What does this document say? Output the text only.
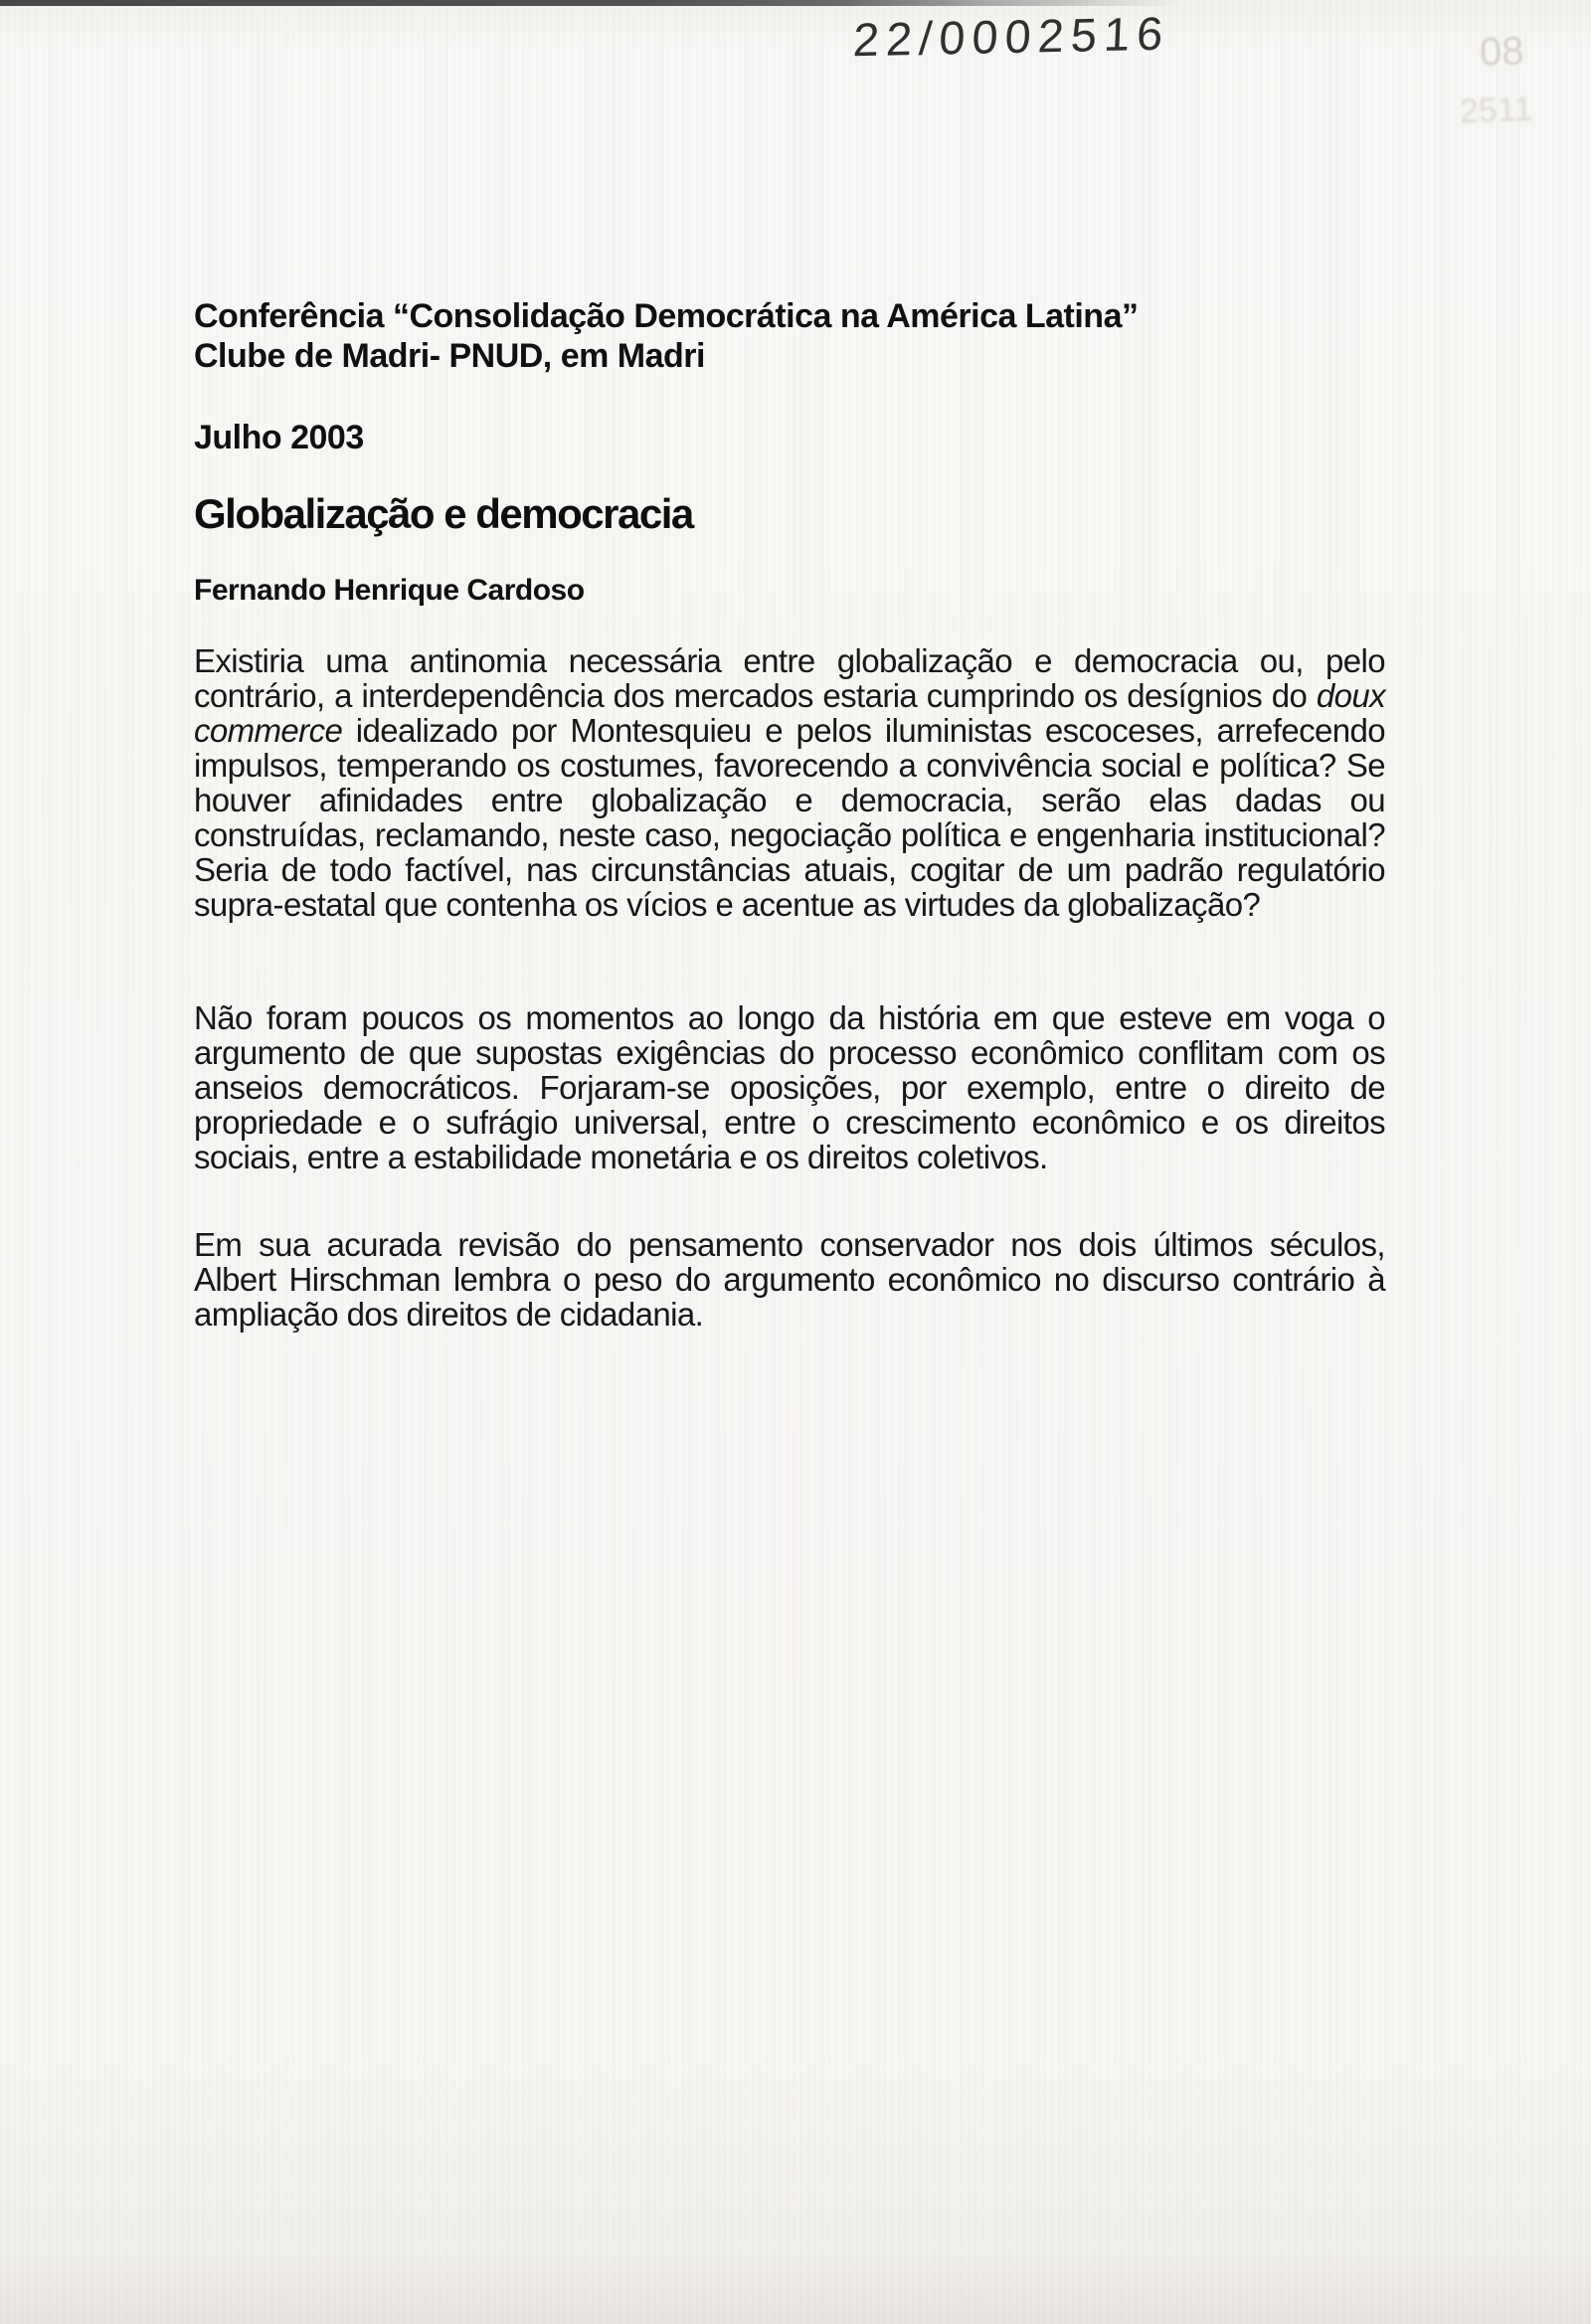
22/0002516	08
2511
Conferência “Consolidação Democrática na América Latina”
Clube de Madri- PNUD, em Madri
Julho 2003
Globalização e democracia
Fernando Henrique Cardoso
Existiria uma antinomia necessária entre globalização e democracia ou, pelo contrário, a interdependência dos mercados estaria cumprindo os desígnios do doux commerce idealizado por Montesquieu e pelos iluministas escoceses, arrefecendo impulsos, temperando os costumes, favorecendo a convivência social e política? Se houver afinidades entre globalização e democracia, serão elas dadas ou construídas, reclamando, neste caso, negociação política e engenharia institucional? Seria de todo factível, nas circunstâncias atuais, cogitar de um padrão regulatório supra-estatal que contenha os vícios e acentue as virtudes da globalização?
Não foram poucos os momentos ao longo da história em que esteve em voga o argumento de que supostas exigências do processo econômico conflitam com os anseios democráticos. Forjaram-se oposições, por exemplo, entre o direito de propriedade e o sufrágio universal, entre o crescimento econômico e os direitos sociais, entre a estabilidade monetária e os direitos coletivos.
Em sua acurada revisão do pensamento conservador nos dois últimos séculos, Albert Hirschman lembra o peso do argumento econômico no discurso contrário à ampliação dos direitos de cidadania.
